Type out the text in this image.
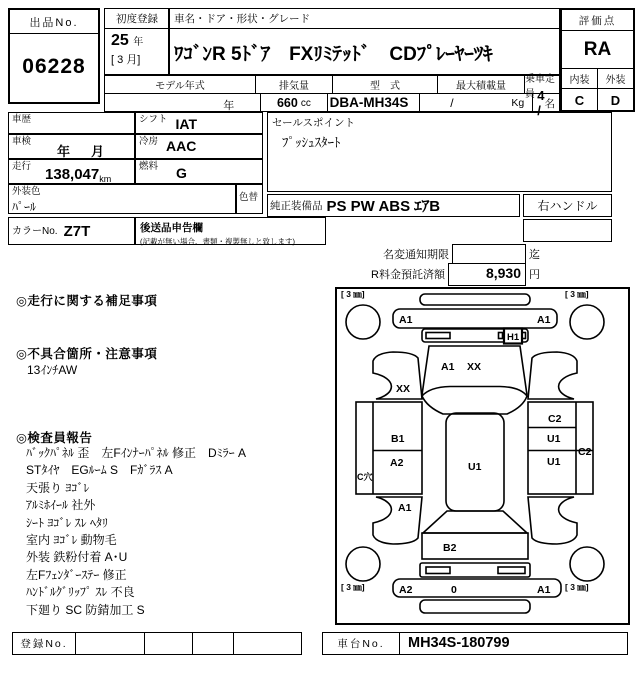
出品No.
06228
初度登録
25 年
[ 3 月]
車名・ドア・形状・グレード
ﾜｺﾞﾝR 5ﾄﾞｱ　FXﾘﾐﾃｯﾄﾞ　CDﾌﾟﾚｰﾔｰﾂｷ
評価点
RA
内装	外装
C	D
モデル年式	排気量	型　式	最大積載量
乗車定員
年	660 cc DBA-MH34S	/	Kg 4 / 名
車歴	シフト IAT
車検
年　月
冷房 AAC
走行 138,047 km
燃料 G
外装色
ﾊﾟｰﾙ
色替
カラーNo. Z7T	後送品申告欄
(記載が無い場合、書類・複製無しと致します)
セールスポイント
ﾌﾟｯｼｭｽﾀｰﾄ
純正装備品 PS PW ABS ｴｱB	右ハンドル
名変通知期限	迄
R料金預託済額	8,930 円
◎走行に関する補足事項
◎不具合箇所・注意事項
13ｲﾝﾁAW
◎検査員報告
ﾊﾞｯｸﾊﾟﾈﾙ 歪　左Fｲﾝﾅｰﾊﾟﾈﾙ 修正　Dﾐﾗｰ A
STﾀｲﾔ　EGﾙｰﾑ S　Fｶﾞﾗｽ A
天張り ﾖｺﾞﾚ
ｱﾙﾐﾎｲｰﾙ 社外
ｼｰﾄ ﾖｺﾞﾚ ｽﾚ ﾍﾀﾘ
室内 ﾖｺﾞﾚ 動物毛
外装 鉄粉付着 A･U
左Fﾌｪﾝﾀﾞｰｽﾃｰ 修正
ﾊﾝﾄﾞﾙｸﾞﾘｯﾌﾟ ｽﾚ 不良
下廻り SC 防錆加工 S
[ 3 ㎜]	[ 3 ㎜]
[ 3 ㎜]	[ 3 ㎜]
A1	A1
H1
A1 XX
XX
B1
A2
C穴
A1
U1
C2
U1
U1
C2
B2
A2	0	A1
登録No.	車台No.	MH34S-180799
